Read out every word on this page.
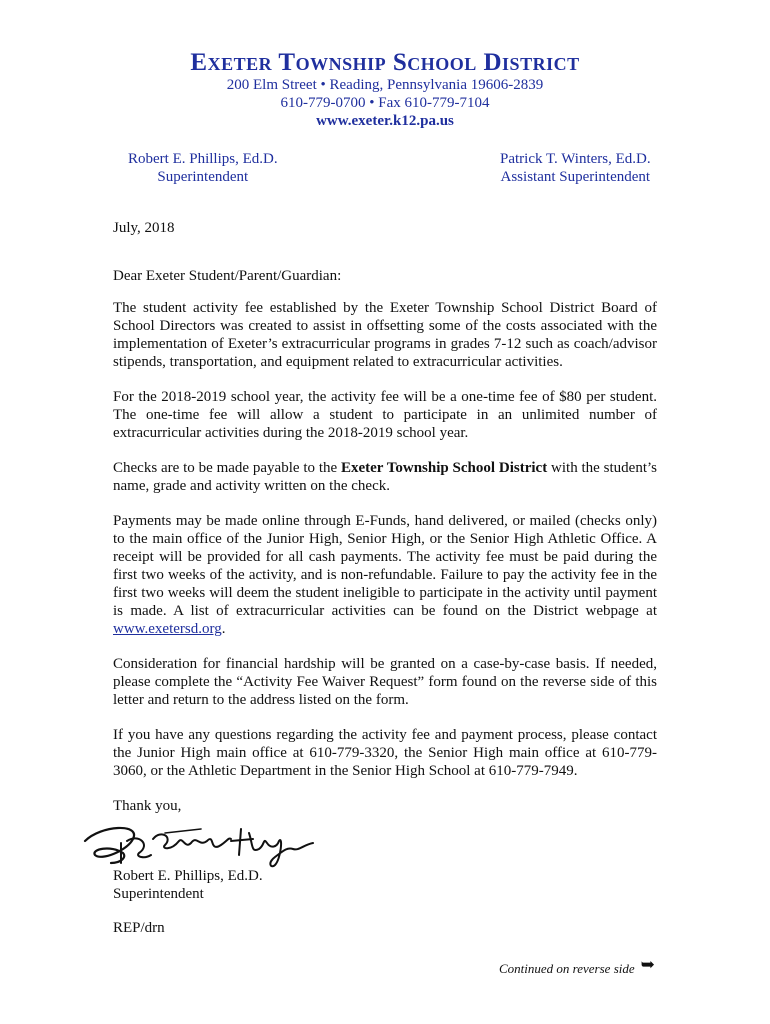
Exeter Township School District
200 Elm Street • Reading, Pennsylvania 19606-2839
610-779-0700 • Fax 610-779-7104
www.exeter.k12.pa.us
Robert E. Phillips, Ed.D.
Superintendent
Patrick T. Winters, Ed.D.
Assistant Superintendent

July, 2018

Dear Exeter Student/Parent/Guardian:

The student activity fee established by the Exeter Township School District Board of School Directors was created to assist in offsetting some of the costs associated with the implementation of Exeter’s extracurricular programs in grades 7-12 such as coach/advisor stipends, transportation, and equipment related to extracurricular activities.

For the 2018-2019 school year, the activity fee will be a one-time fee of $80 per student. The one-time fee will allow a student to participate in an unlimited number of extracurricular activities during the 2018-2019 school year.

Checks are to be made payable to the Exeter Township School District with the student’s name, grade and activity written on the check.

Payments may be made online through E-Funds, hand delivered, or mailed (checks only) to the main office of the Junior High, Senior High, or the Senior High Athletic Office. A receipt will be provided for all cash payments. The activity fee must be paid during the first two weeks of the activity, and is non-refundable. Failure to pay the activity fee in the first two weeks will deem the student ineligible to participate in the activity until payment is made. A list of extracurricular activities can be found on the District webpage at www.exetersd.org.

Consideration for financial hardship will be granted on a case-by-case basis. If needed, please complete the “Activity Fee Waiver Request” form found on the reverse side of this letter and return to the address listed on the form.

If you have any questions regarding the activity fee and payment process, please contact the Junior High main office at 610-779-3320, the Senior High main office at 610-779-3060, or the Athletic Department in the Senior High School at 610-779-7949.

Thank you,

Robert E. Phillips, Ed.D.
Superintendent

REP/drn

Continued on reverse side ➥
